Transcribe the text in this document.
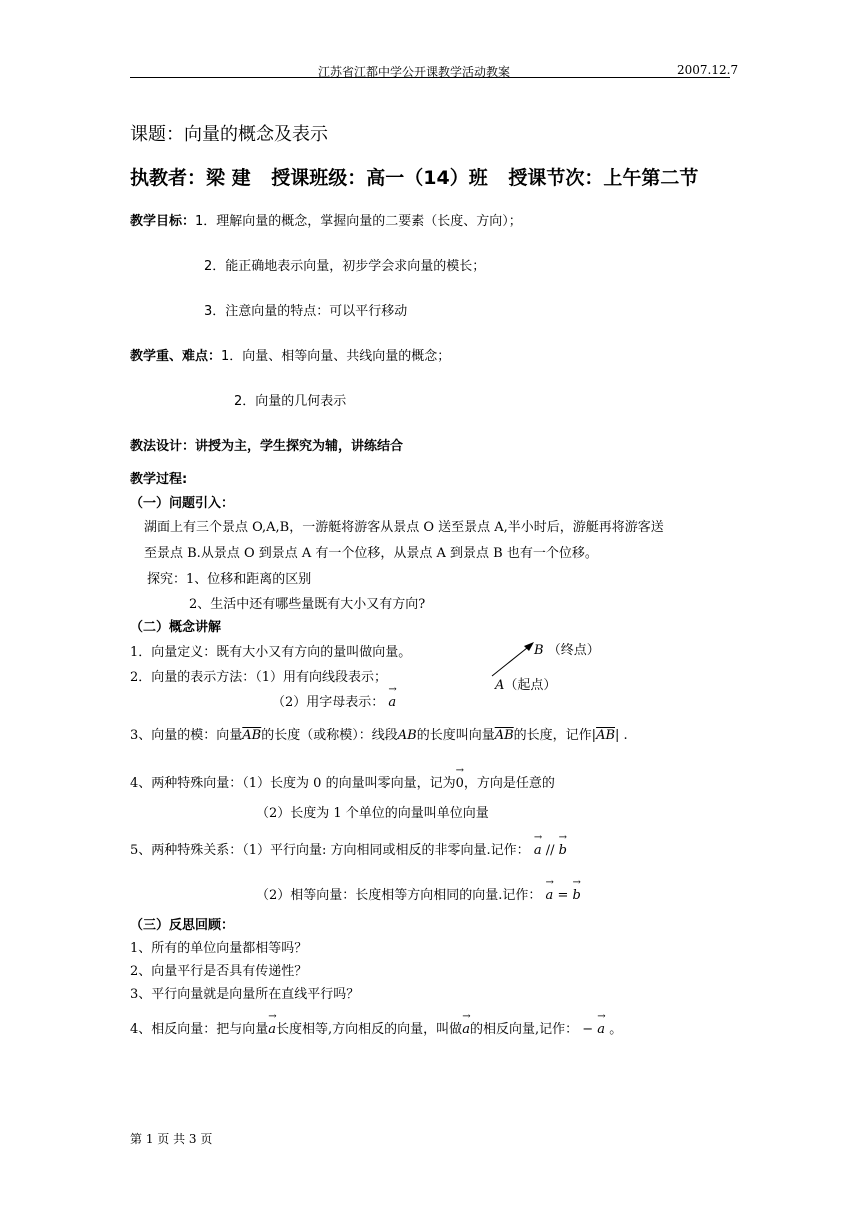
江苏省江都中学公开课教学活动教案	2007.12.7
课题：向量的概念及表示
执教者：梁 建 授课班级：高一（14）班 授课节次：上午第二节
教学目标：1．理解向量的概念，掌握向量的二要素（长度、方向）；
2．能正确地表示向量，初步学会求向量的模长；
3．注意向量的特点：可以平行移动
教学重、难点：1．向量、相等向量、共线向量的概念；
2．向量的几何表示
教法设计：讲授为主，学生探究为辅，讲练结合
教学过程:
（一）问题引入：
湖面上有三个景点 O,A,B，一游艇将游客从景点 O 送至景点 A,半小时后，游艇再将游客送
至景点 B.从景点 O 到景点 A 有一个位移，从景点 A 到景点 B 也有一个位移。
探究：1、位移和距离的区别
2、生活中还有哪些量既有大小又有方向?
（二）概念讲解
1．向量定义：既有大小又有方向的量叫做向量。
2．向量的表示方法：（1）用有向线段表示；
（2）用字母表示： → a
B （终点）
A（起点）
3、向量的模：向量$\overline{AB}$的长度（或称模）：线段AB的长度叫向量$\overline{AB}$的长度，记作$|\overline{AB}|$ .
4、两种特殊向量：（1）长度为 0 的向量叫零向量，记为→ 0，方向是任意的
（2）长度为 1 个单位的向量叫单位向量
5、两种特殊关系：（1）平行向量: 方向相同或相反的非零向量.记作： → a // → b
（2）相等向量：长度相等方向相同的向量.记作： → a = → b
（三）反思回顾：
1、所有的单位向量都相等吗？
2、向量平行是否具有传递性？
3、平行向量就是向量所在直线平行吗？
4、相反向量：把与向量→ a长度相等,方向相反的向量，叫做→ a的相反向量,记作： − → a 。
第 1 页 共 3 页
